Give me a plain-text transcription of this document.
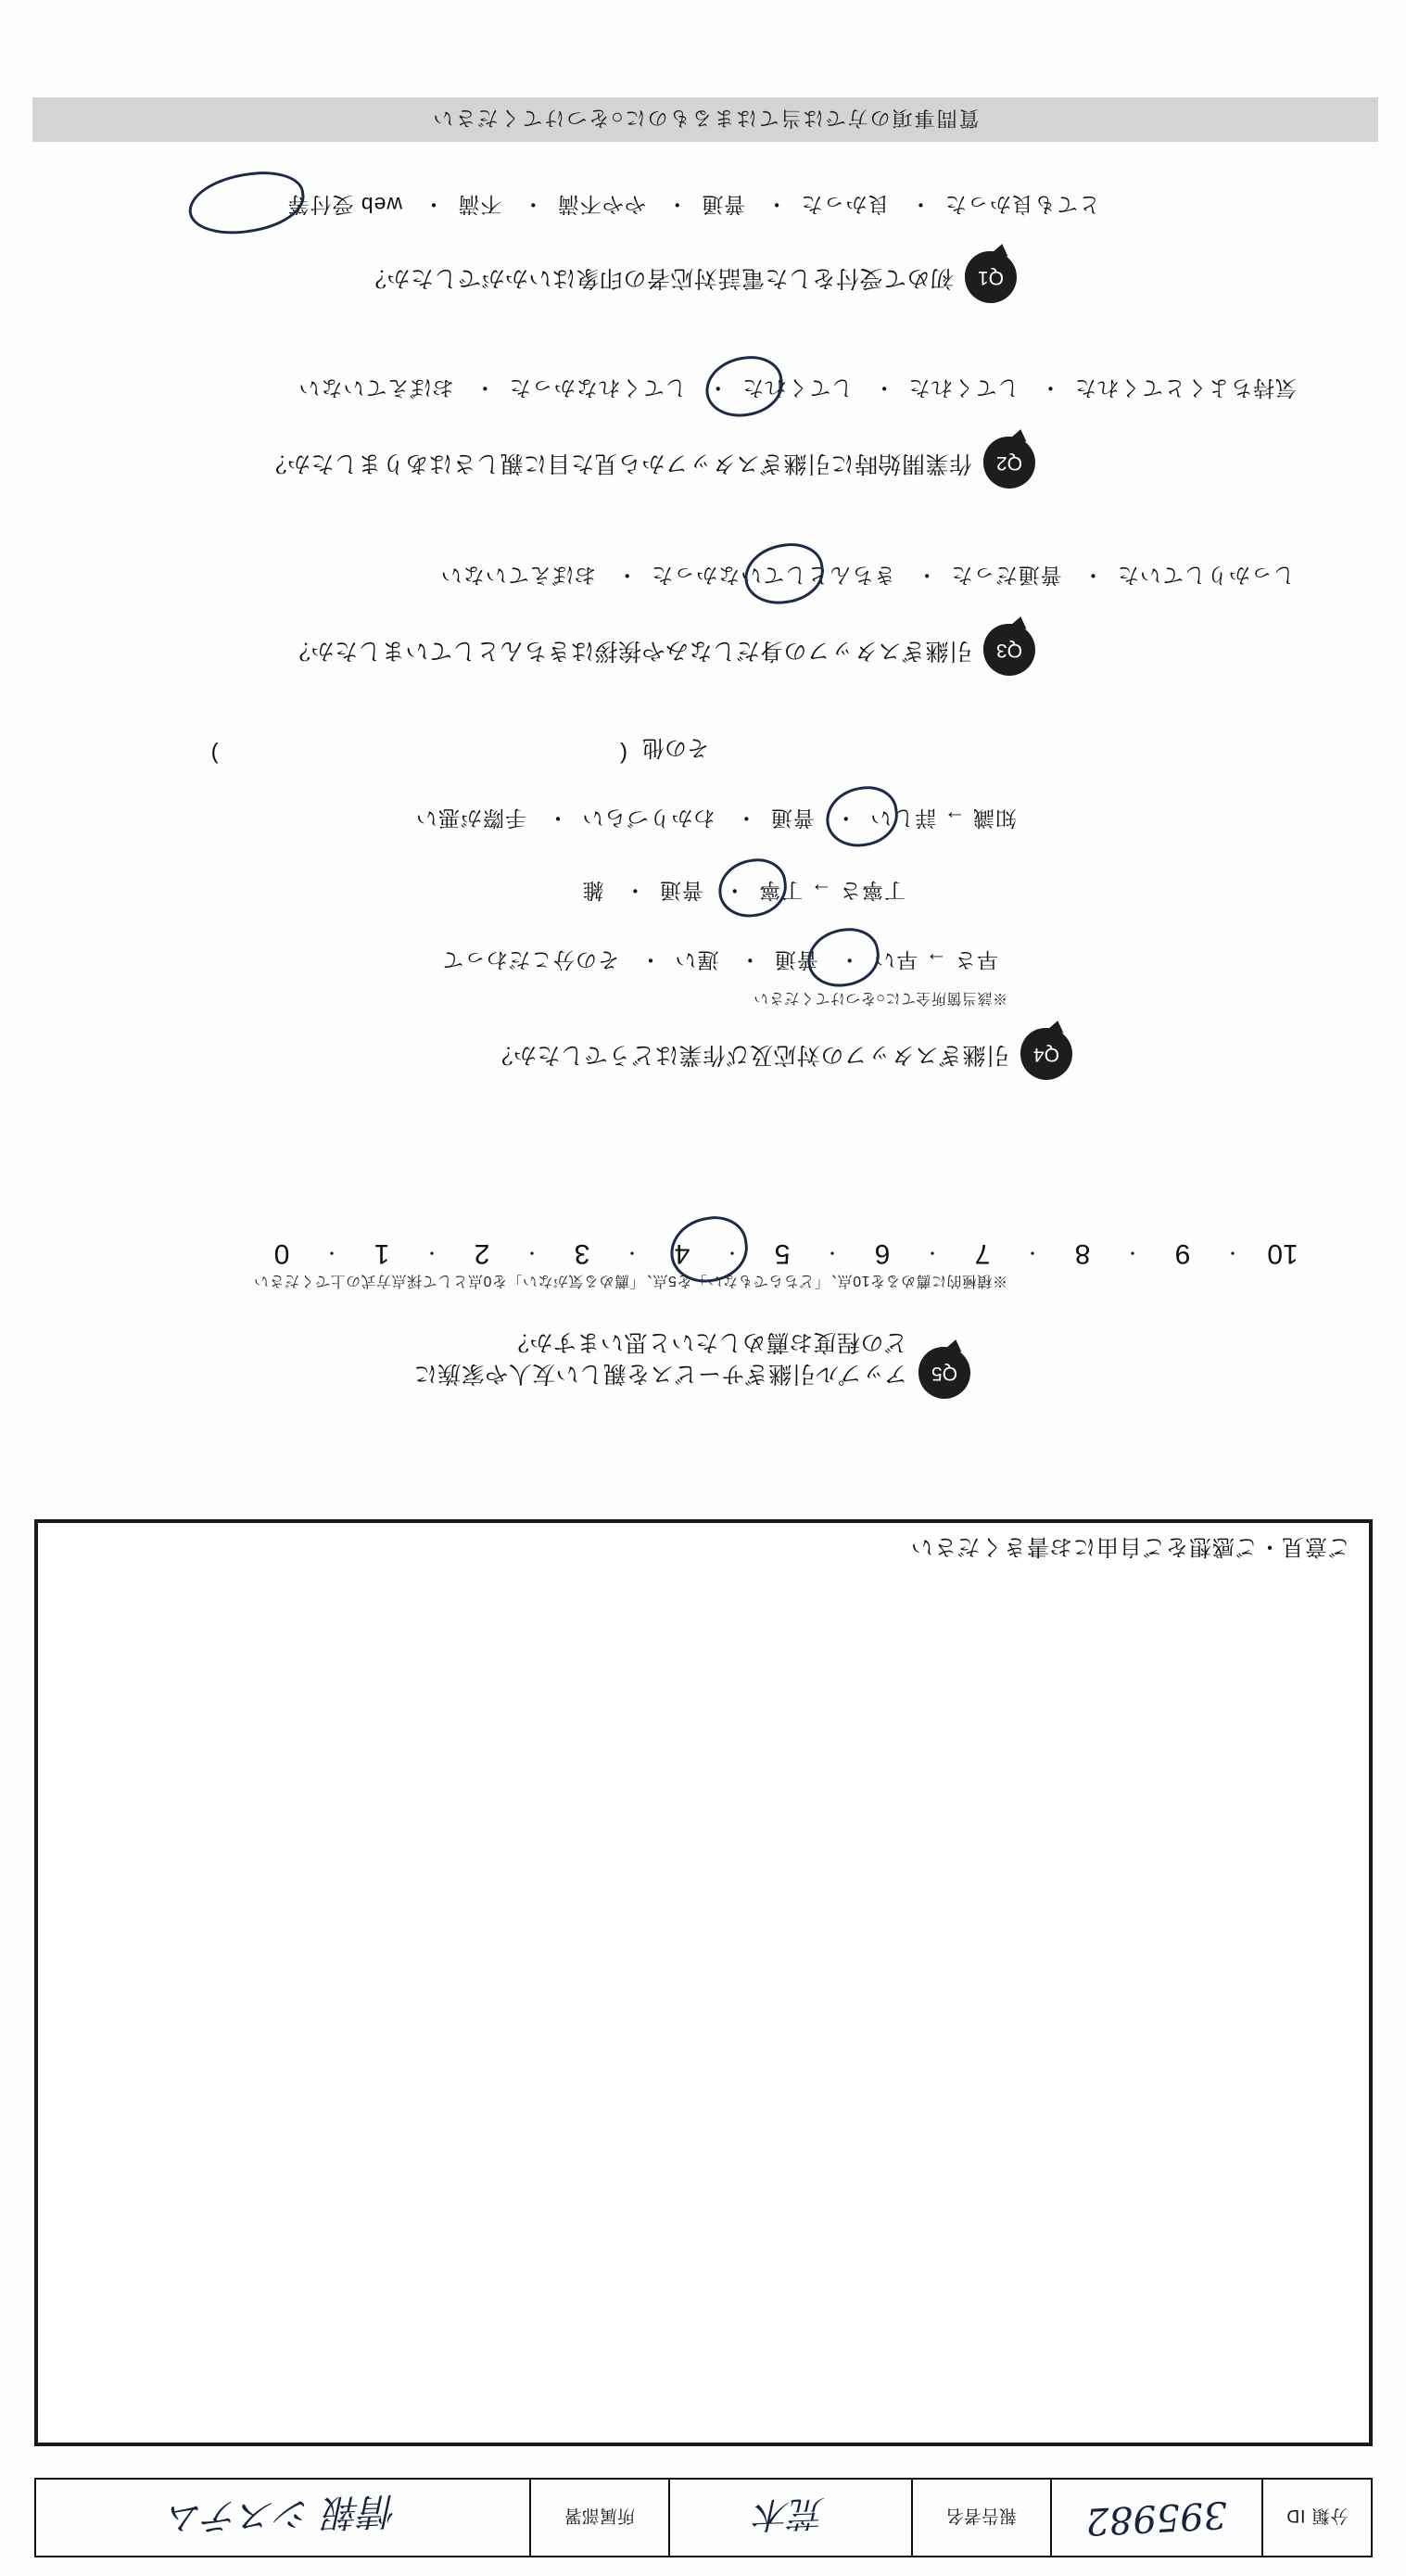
分類 ID
395982
報告者名
荒木
所属部署
情報 システム
ご意見・ご感想をご自由にお書きください
Q5
アップル引継ぎサービスを親しい友人や家族に
どの程度お薦めしたいと思いますか？
※積極的に薦めるを10点、「どちらでもない」を5点、「薦める気がない」を0点として採点方式の上でください
10
・
9
・
8
・
7
・
6
・
5
・
4
・
3
・
2
・
1
・
0
Q4
引継ぎスタッフの対応及び作業はどうでしたか？
※該当箇所全てに○をつけてください
早さ → 早い・ 普通・ 遅い・ その分こだわって
丁寧さ → 丁寧・ 普通・ 雑
知識 → 詳しい・ 普通・ わかりづらい・ 手際が悪い
その他
(  )
Q3
引継ぎスタッフの身だしなみや挨拶はきちんとしていましたか？
しっかりしていた・ 普通だった・ きちんとしていなかった・ おぼえていない
Q2
作業開始時に引継ぎスタッフから見た目に親しさはありましたか？
気持ちよくとてくれた・ してくれた・ してくれた・ してくれなかった・ おぼえていない
Q1
初めて受付をした電話対応者の印象はいかがでしたか？
とても良かった・ 良かった・ 普通・ やや不満・ 不満・ web 受付等
質問事項の方では当てはまるものに○をつけてください
